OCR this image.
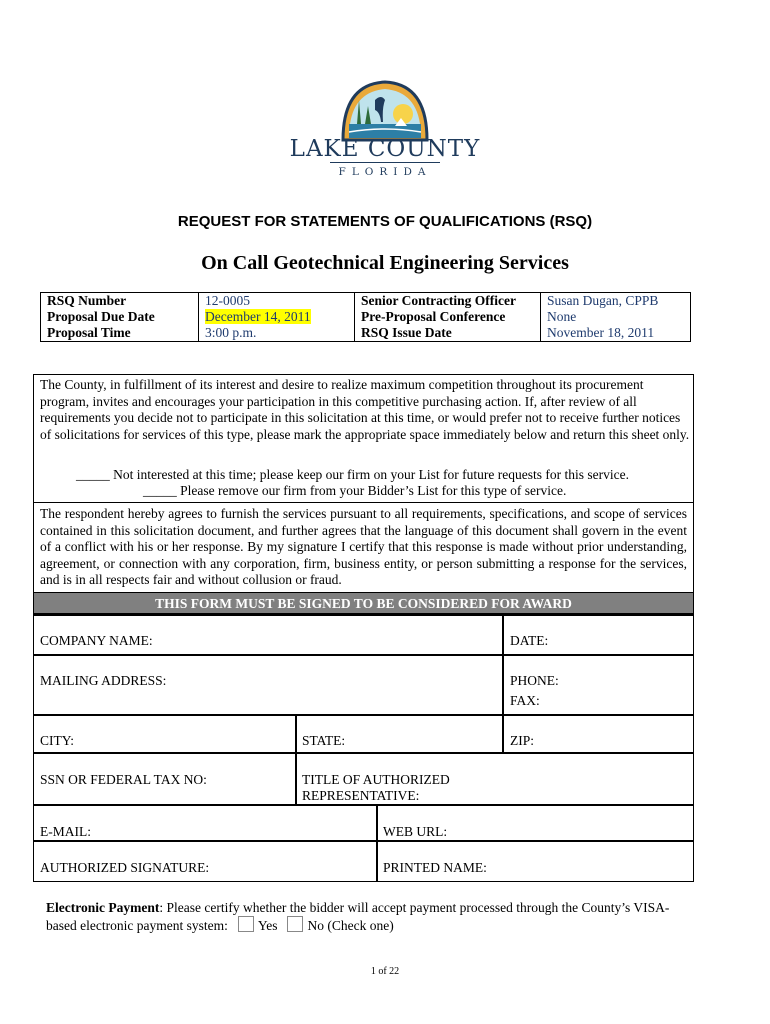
LAKE COUNTY
FLORIDA
REQUEST FOR STATEMENTS OF QUALIFICATIONS (RSQ)
On Call Geotechnical Engineering Services
RSQ Number	12-0005	Senior Contracting Officer	Susan Dugan, CPPB
Proposal Due Date	December 14, 2011	Pre-Proposal Conference	None
Proposal Time	3:00 p.m.	RSQ Issue Date	November 18, 2011
The County, in fulfillment of its interest and desire to realize maximum competition throughout its procurement program, invites and encourages your participation in this competitive purchasing action. If, after review of all requirements you decide not to participate in this solicitation at this time, or would prefer not to receive further notices of solicitations for services of this type, please mark the appropriate space immediately below and return this sheet only.
_____ Not interested at this time; please keep our firm on your List for future requests for this service.
_____ Please remove our firm from your Bidder’s List for this type of service.
The respondent hereby agrees to furnish the services pursuant to all requirements, specifications, and scope of services contained in this solicitation document, and further agrees that the language of this document shall govern in the event of a conflict with his or her response. By my signature I certify that this response is made without prior understanding, agreement, or connection with any corporation, firm, business entity, or person submitting a response for the services, and is in all respects fair and without collusion or fraud.
THIS FORM MUST BE SIGNED TO BE CONSIDERED FOR AWARD
COMPANY NAME:	DATE:
MAILING ADDRESS:	PHONE:
FAX:
CITY:	STATE:	ZIP:
SSN OR FEDERAL TAX NO:	TITLE OF AUTHORIZED
REPRESENTATIVE:
E-MAIL:	WEB URL:
AUTHORIZED SIGNATURE:	PRINTED NAME:
Electronic Payment: Please certify whether the bidder will accept payment processed through the County’s VISA-based electronic payment system: Yes No (Check one)
1 of 22
